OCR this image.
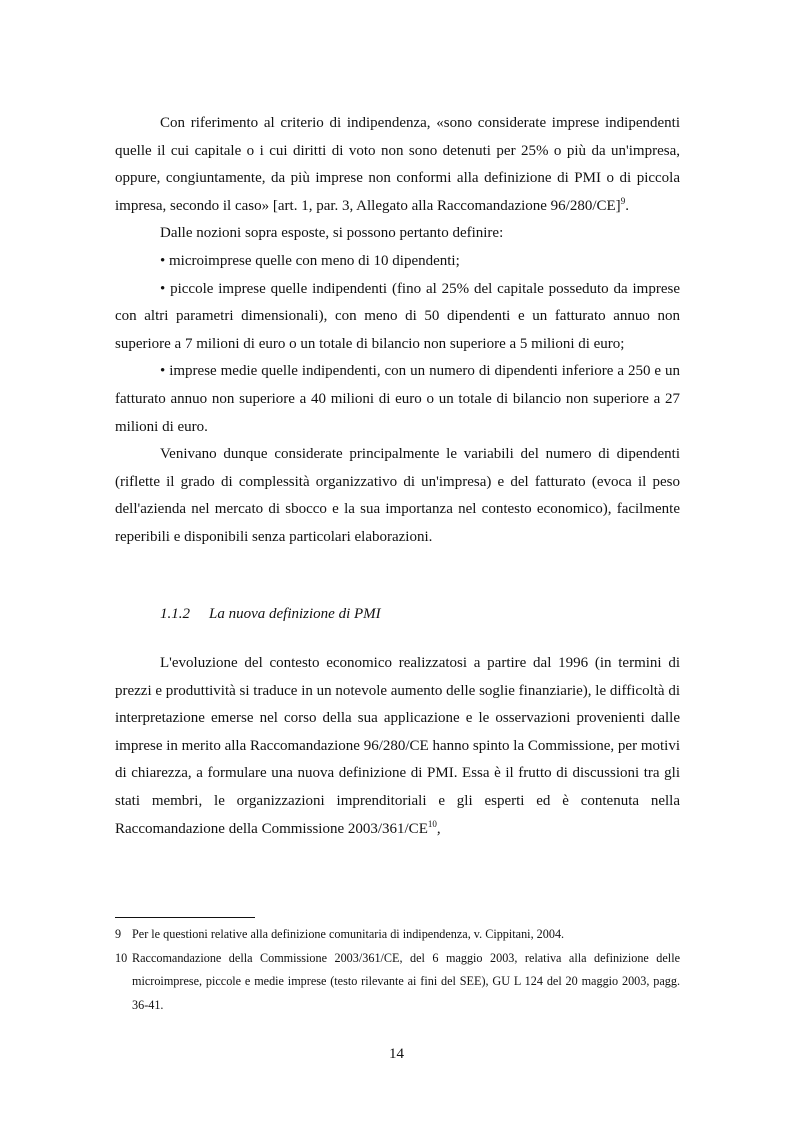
Con riferimento al criterio di indipendenza, «sono considerate imprese indipendenti quelle il cui capitale o i cui diritti di voto non sono detenuti per 25% o più da un'impresa, oppure, congiuntamente, da più imprese non conformi alla definizione di PMI o di piccola impresa, secondo il caso» [art. 1, par. 3, Allegato alla Raccomandazione 96/280/CE]$^9$.

Dalle nozioni sopra esposte, si possono pertanto definire:

• microimprese quelle con meno di 10 dipendenti;

• piccole imprese quelle indipendenti (fino al 25% del capitale posseduto da imprese con altri parametri dimensionali), con meno di 50 dipendenti e un fatturato annuo non superiore a 7 milioni di euro o un totale di bilancio non superiore a 5 milioni di euro;

• imprese medie quelle indipendenti, con un numero di dipendenti inferiore a 250 e un fatturato annuo non superiore a 40 milioni di euro o un totale di bilancio non superiore a 27 milioni di euro.

Venivano dunque considerate principalmente le variabili del numero di dipendenti (riflette il grado di complessità organizzativo di un'impresa) e del fatturato (evoca il peso dell'azienda nel mercato di sbocco e la sua importanza nel contesto economico), facilmente reperibili e disponibili senza particolari elaborazioni.

1.1.2 La nuova definizione di PMI

L'evoluzione del contesto economico realizzatosi a partire dal 1996 (in termini di prezzi e produttività si traduce in un notevole aumento delle soglie finanziarie), le difficoltà di interpretazione emerse nel corso della sua applicazione e le osservazioni provenienti dalle imprese in merito alla Raccomandazione 96/280/CE hanno spinto la Commissione, per motivi di chiarezza, a formulare una nuova definizione di PMI. Essa è il frutto di discussioni tra gli stati membri, le organizzazioni imprenditoriali e gli esperti ed è contenuta nella Raccomandazione della Commissione 2003/361/CE$^{10}$,

9 Per le questioni relative alla definizione comunitaria di indipendenza, v. Cippitani, 2004.

10 Raccomandazione della Commissione 2003/361/CE, del 6 maggio 2003, relativa alla definizione delle microimprese, piccole e medie imprese (testo rilevante ai fini del SEE), GU L 124 del 20 maggio 2003, pagg. 36-41.

14
